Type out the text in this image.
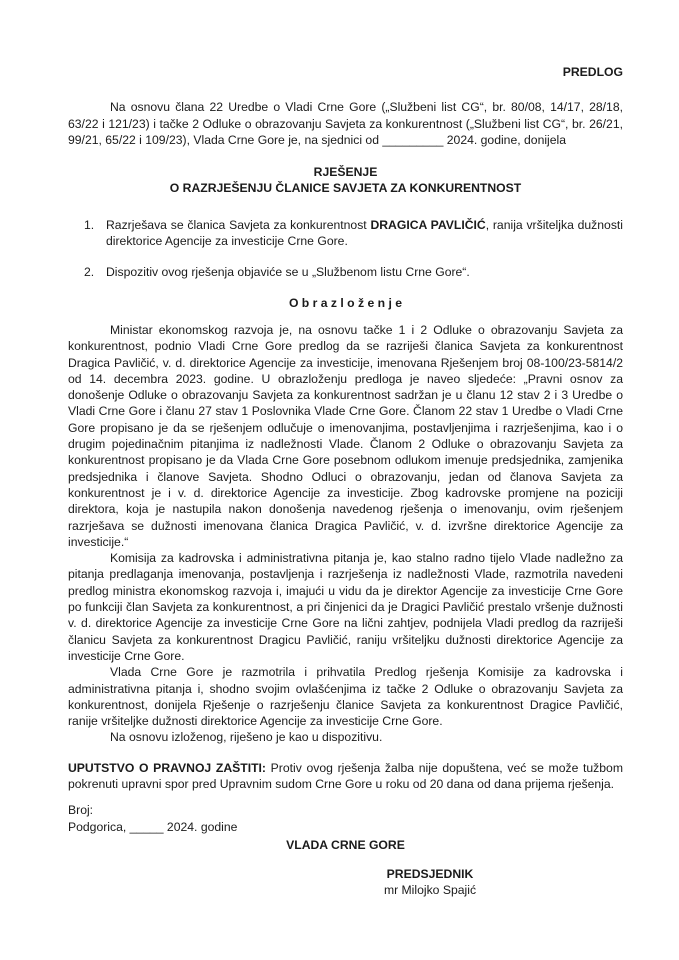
PREDLOG

Na osnovu člana 22 Uredbe o Vladi Crne Gore („Službeni list CG“, br. 80/08, 14/17, 28/18, 63/22 i 121/23) i tačke 2 Odluke o obrazovanju Savjeta za konkurentnost („Službeni list CG“, br. 26/21, 99/21, 65/22 i 109/23), Vlada Crne Gore je, na sjednici od _________ 2024. godine, donijela

RJEŠENJE
O RAZRJEŠENJU ČLANICE SAVJETA ZA KONKURENTNOST
1. Razrješava se članica Savjeta za konkurentnost DRAGICA PAVLIČIĆ, ranija vršiteljka dužnosti direktorice Agencije za investicije Crne Gore.
2. Dispozitiv ovog rješenja objaviće se u „Službenom listu Crne Gore“.
O b r a z l o ž e n j e

Ministar ekonomskog razvoja je, na osnovu tačke 1 i 2 Odluke o obrazovanju Savjeta za konkurentnost, podnio Vladi Crne Gore predlog da se razriješi članica Savjeta za konkurentnost Dragica Pavličić, v. d. direktorice Agencije za investicije, imenovana Rješenjem broj 08-100/23-5814/2 od 14. decembra 2023. godine. U obrazloženju predloga je naveo sljedeće: „Pravni osnov za donošenje Odluke o obrazovanju Savjeta za konkurentnost sadržan je u članu 12 stav 2 i 3 Uredbe o Vladi Crne Gore i članu 27 stav 1 Poslovnika Vlade Crne Gore. Članom 22 stav 1 Uredbe o Vladi Crne Gore propisano je da se rješenjem odlučuje o imenovanjima, postavljenjima i razrješenjima, kao i o drugim pojedinačnim pitanjima iz nadležnosti Vlade. Članom 2 Odluke o obrazovanju Savjeta za konkurentnost propisano je da Vlada Crne Gore posebnom odlukom imenuje predsjednika, zamjenika predsjednika i članove Savjeta. Shodno Odluci o obrazovanju, jedan od članova Savjeta za konkurentnost je i v. d. direktorice Agencije za investicije. Zbog kadrovske promjene na poziciji direktora, koja je nastupila nakon donošenja navedenog rješenja o imenovanju, ovim rješenjem razrješava se dužnosti imenovana članica Dragica Pavličić, v. d. izvršne direktorice Agencije za investicije.“

Komisija za kadrovska i administrativna pitanja je, kao stalno radno tijelo Vlade nadležno za pitanja predlaganja imenovanja, postavljenja i razrješenja iz nadležnosti Vlade, razmotrila navedeni predlog ministra ekonomskog razvoja i, imajući u vidu da je direktor Agencije za investicije Crne Gore po funkciji član Savjeta za konkurentnost, a pri činjenici da je Dragici Pavličić prestalo vršenje dužnosti v. d. direktorice Agencije za investicije Crne Gore na lični zahtjev, podnijela Vladi predlog da razriješi članicu Savjeta za konkurentnost Dragicu Pavličić, raniju vršiteljku dužnosti direktorice Agencije za investicije Crne Gore.

Vlada Crne Gore je razmotrila i prihvatila Predlog rješenja Komisije za kadrovska i administrativna pitanja i, shodno svojim ovlašćenjima iz tačke 2 Odluke o obrazovanju Savjeta za konkurentnost, donijela Rješenje o razrješenju članice Savjeta za konkurentnost Dragice Pavličić, ranije vršiteljke dužnosti direktorice Agencije za investicije Crne Gore.

Na osnovu izloženog, riješeno je kao u dispozitivu.

UPUTSTVO O PRAVNOJ ZAŠTITI: Protiv ovog rješenja žalba nije dopuštena, već se može tužbom pokrenuti upravni spor pred Upravnim sudom Crne Gore u roku od 20 dana od dana prijema rješenja.

Broj:

Podgorica, _____ 2024. godine

VLADA CRNE GORE
PREDSJEDNIK
mr Milojko Spajić
